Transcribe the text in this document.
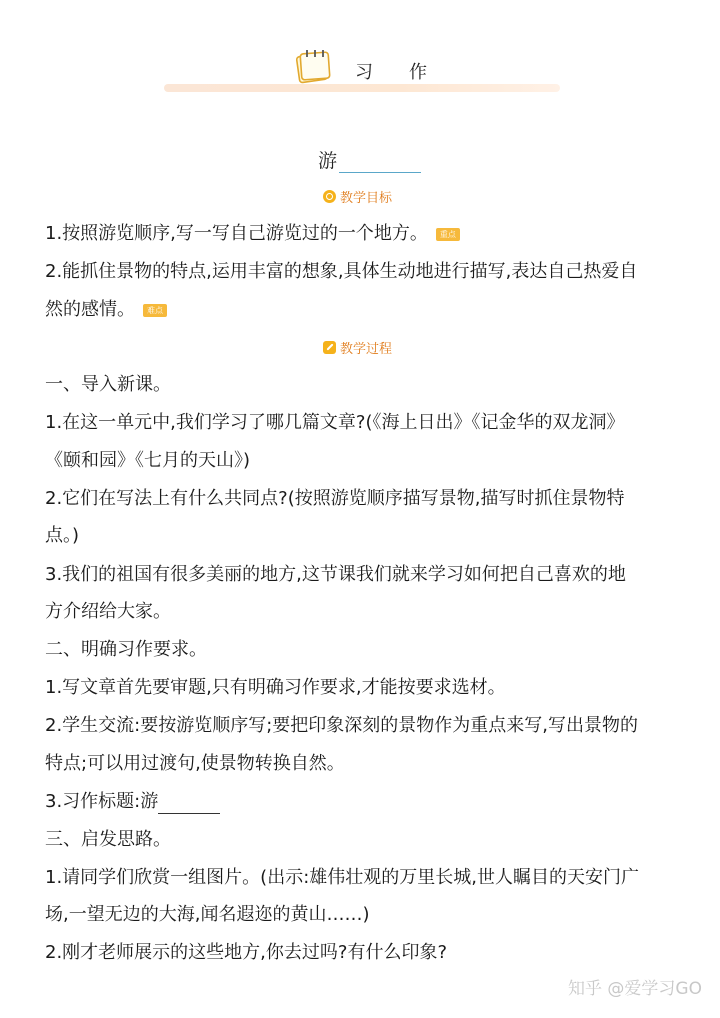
习作
游
教学目标
1.按照游览顺序,写一写自己游览过的一个地方。 重点
2.能抓住景物的特点,运用丰富的想象,具体生动地进行描写,表达自己热爱自
然的感情。 难点
教学过程
一、导入新课。
1.在这一单元中,我们学习了哪几篇文章?(《海上日出》《记金华的双龙洞》
《颐和园》《七月的天山》)
2.它们在写法上有什么共同点?(按照游览顺序描写景物,描写时抓住景物特
点。)
3.我们的祖国有很多美丽的地方,这节课我们就来学习如何把自己喜欢的地
方介绍给大家。
二、明确习作要求。
1.写文章首先要审题,只有明确习作要求,才能按要求选材。
2.学生交流:要按游览顺序写;要把印象深刻的景物作为重点来写,写出景物的
特点;可以用过渡句,使景物转换自然。
3.习作标题:游
三、启发思路。
1.请同学们欣赏一组图片。(出示:雄伟壮观的万里长城,世人瞩目的天安门广
场,一望无边的大海,闻名遐迩的黄山……)
2.刚才老师展示的这些地方,你去过吗?有什么印象?
知乎 @爱学习GO
